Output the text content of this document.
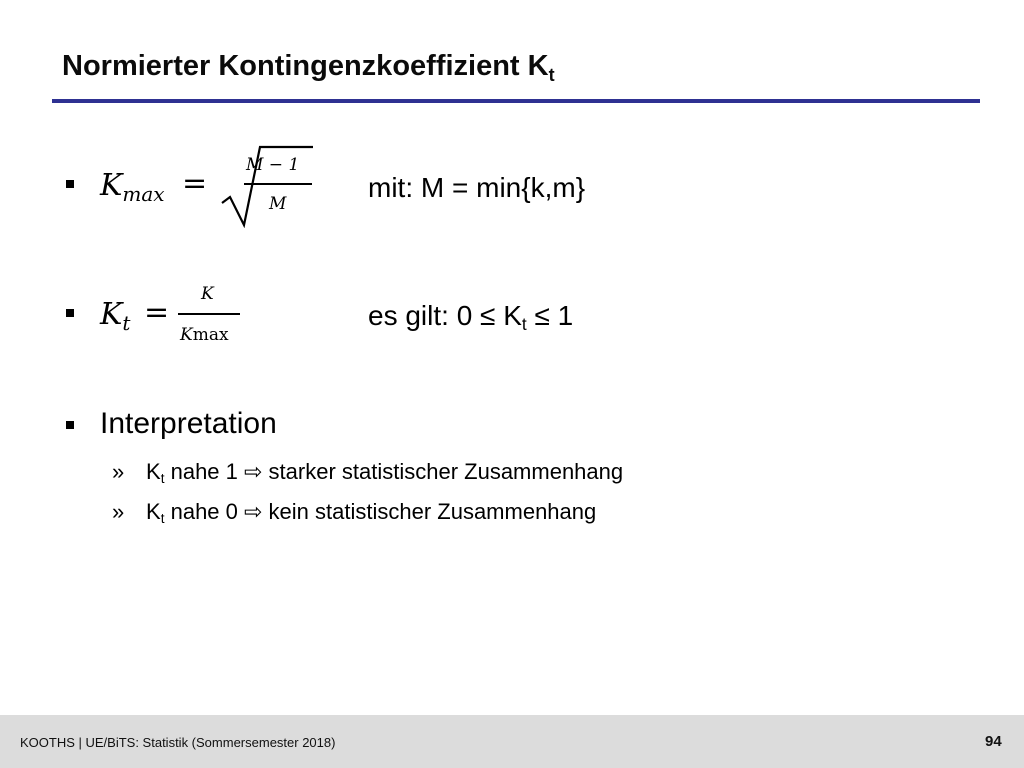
Normierter Kontingenzkoeffizient $K_t$
$K_{max}$ =
M − 1
M
mit: M = min{k,m}
$K_t$ =
K
Kmax
es gilt: $0 \le K_t \le 1$
Interpretation
» $K_t$ nahe 1 ⇨ starker statistischer Zusammenhang
» $K_t$ nahe 0 ⇨ kein statistischer Zusammenhang
KOOTHS | UE/BiTS: Statistik (Sommersemester 2018)	94
